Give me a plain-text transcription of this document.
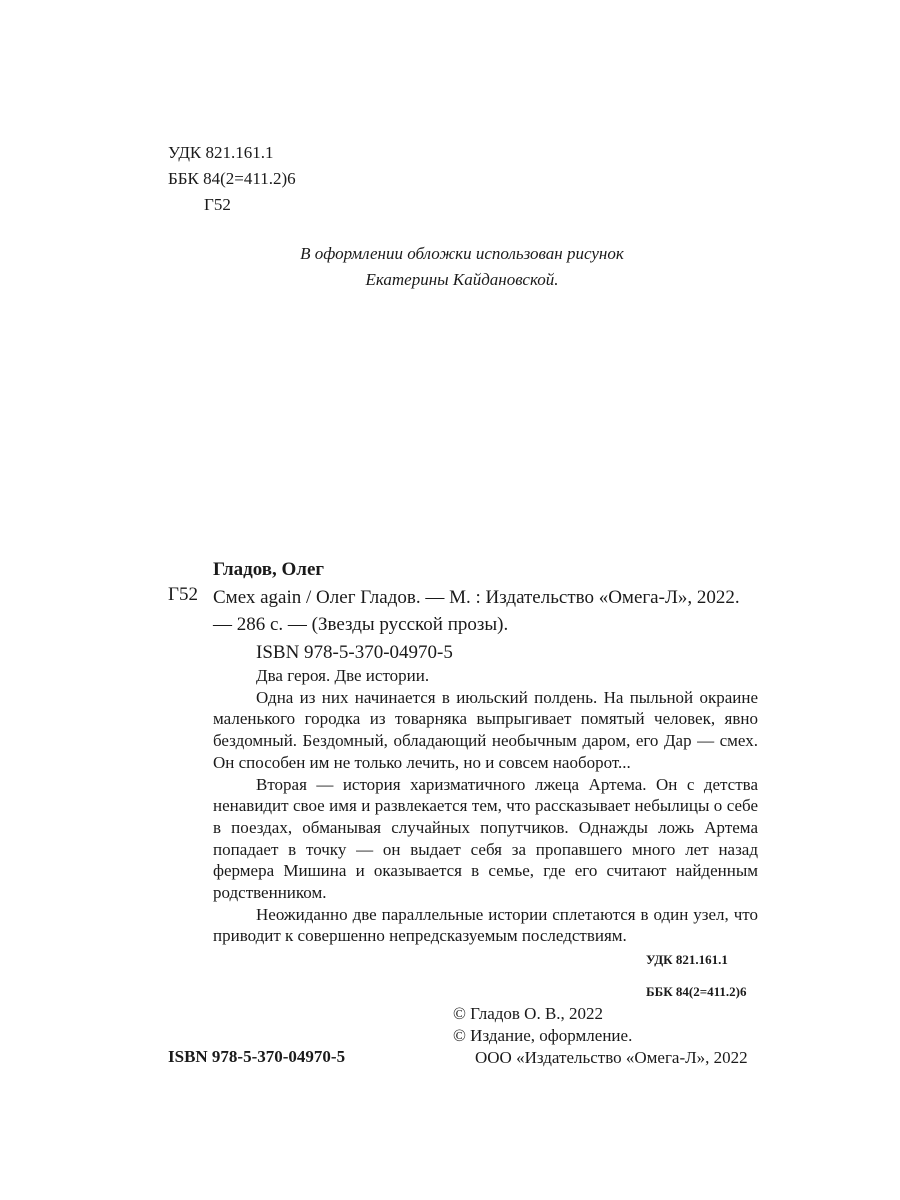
УДК 821.161.1
ББК 84(2=411.2)6
Г52
В оформлении обложки использован рисунок
Екатерины Кайдановской.
Гладов, Олег
Г52 Смех again / Олег Гладов. — М. : Издательство «Омега-Л», 2022. — 286 с. — (Звезды русской прозы).
ISBN 978-5-370-04970-5

Два героя. Две истории.

Одна из них начинается в июльский полдень. На пыльной окраине маленького городка из товарняка выпрыгивает помятый человек, явно бездомный. Бездомный, обладающий необычным даром, его Дар — смех. Он способен им не только лечить, но и совсем наоборот...

Вторая — история харизматичного лжеца Артема. Он с детства ненавидит свое имя и развлекается тем, что рассказывает небылицы о себе в поездах, обманывая случайных попутчиков. Однажды ложь Артема попадает в точку — он выдает себя за пропавшего много лет назад фермера Мишина и оказывается в семье, где его считают найденным родственником.

Неожиданно две параллельные истории сплетаются в один узел, что приводит к совершенно непредсказуемым последствиям.

УДК 821.161.1
ББК 84(2=411.2)6
© Гладов О. В., 2022
© Издание, оформление.
ООО «Издательство «Омега-Л», 2022
ISBN 978-5-370-04970-5
